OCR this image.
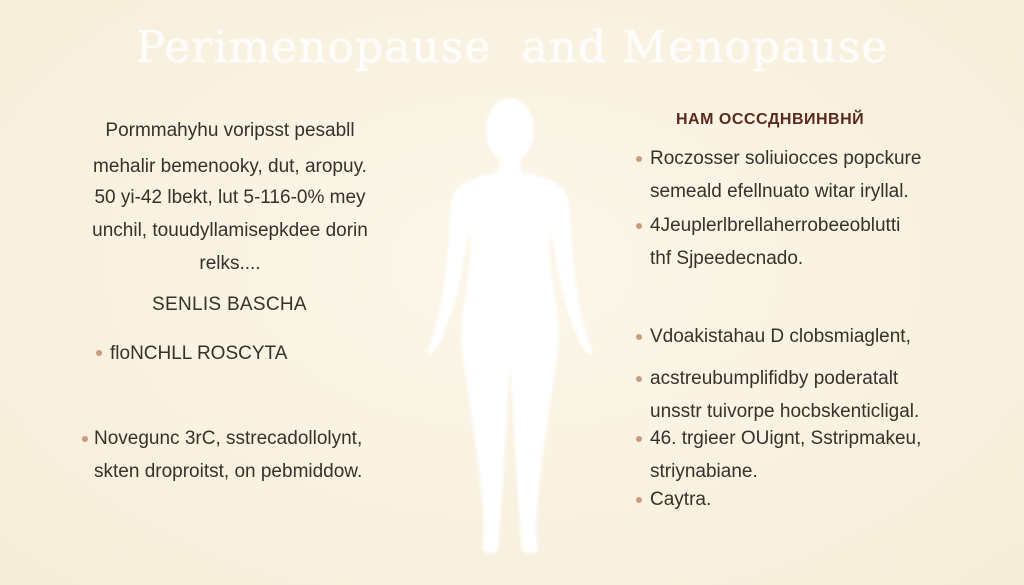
Perimenopause  and Menopause
Pormmahyhu voripsst pesabll
mehalir bemenooky, dut, aropuy.
50 yi-42 lbekt, lut 5-116-0% mey
unchil, touudyllamisepkdee dorin
relks....
SENLIS BASCHA
floNCHLL ROSCYTA
Novegunc 3rC, sstrecadollolynt,
skten droproitst, on pebmiddow.
HAM OCCCДHBИHBHЙ
Roczosser soliuiocces popckure
semeald efellnuato witar iryllal.
4Jeuplerlbrellaherrobeeoblutti
thf Sjpeedecnado.
Vdoakistahau D clobsmiaglent,
acstreubumplifidby poderatalt
unsstr tuivorpe hocbskenticligal.
46. trgieer OUignt, Sstripmakeu,
striynabiane.
Caytra.
